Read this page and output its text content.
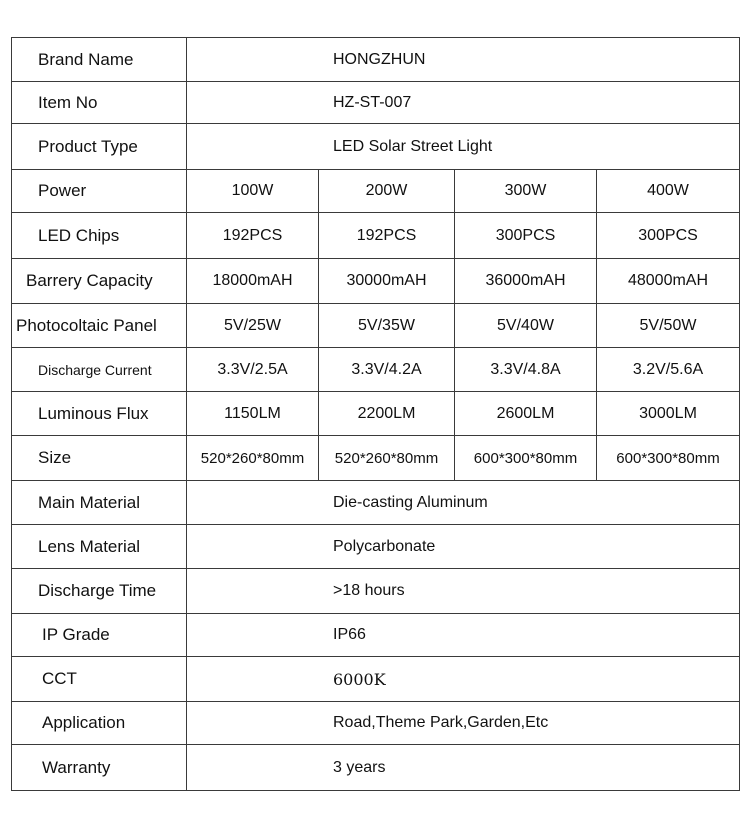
Brand Name	HONGZHUN			
Item No	HZ-ST-007			
Product Type	LED Solar Street Light			
Power	100W	200W	300W	400W
LED Chips	192PCS	192PCS	300PCS	300PCS
Barrery Capacity	18000mAH	30000mAH	36000mAH	48000mAH
Photocoltaic Panel	5V/25W	5V/35W	5V/40W	5V/50W
Discharge Current	3.3V/2.5A	3.3V/4.2A	3.3V/4.8A	3.2V/5.6A
Luminous Flux	1150LM	2200LM	2600LM	3000LM
Size	520*260*80mm	520*260*80mm	600*300*80mm	600*300*80mm
Main Material	Die-casting Aluminum			
Lens Material	Polycarbonate			
Discharge Time	>18 hours			
IP Grade	IP66			
CCT	6000K			
Application	Road,Theme Park,Garden,Etc			
Warranty	3 years			
